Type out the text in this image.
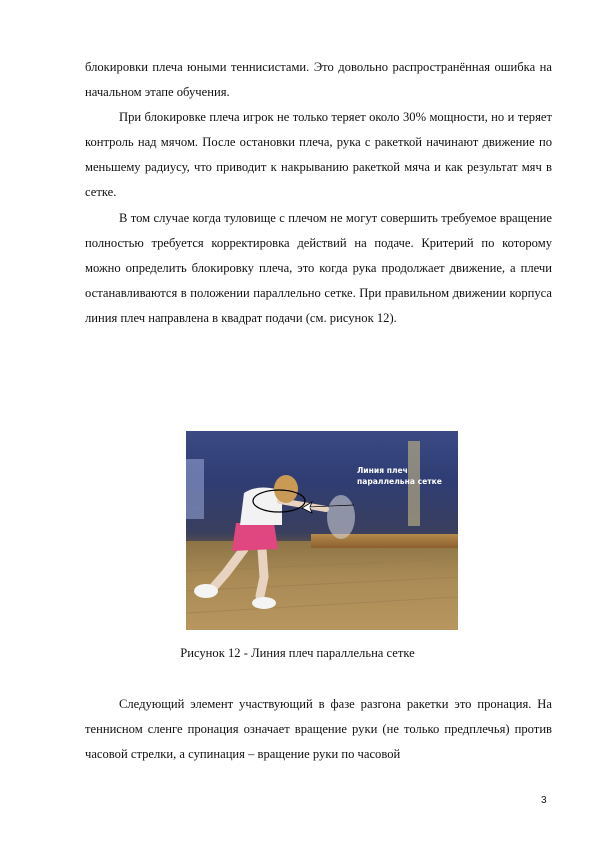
блокировки плеча юными теннисистами. Это довольно распространённая ошибка на начальном этапе обучения.

При блокировке плеча игрок не только теряет около 30% мощности, но и теряет контроль над мячом. После остановки плеча, рука с ракеткой начинают движение по меньшему радиусу, что приводит к накрыванию ракеткой мяча и как результат мяч в сетке.

В том случае когда туловище с плечом не могут совершить требуемое вращение полностью требуется корректировка действий на подаче. Критерий по которому можно определить блокировку плеча, это когда рука продолжает движение, а плечи останавливаются в положении параллельно сетке. При правильном движении корпуса линия плеч направлена в квадрат подачи (см. рисунок 12).

Линия плеч
параллельна сетке

Рисунок 12 - Линия плеч параллельна сетке

Следующий элемент участвующий в фазе разгона ракетки это пронация. На теннисном сленге пронация означает вращение руки (не только предплечья) против часовой стрелки, а супинация – вращение руки по часовой

3
